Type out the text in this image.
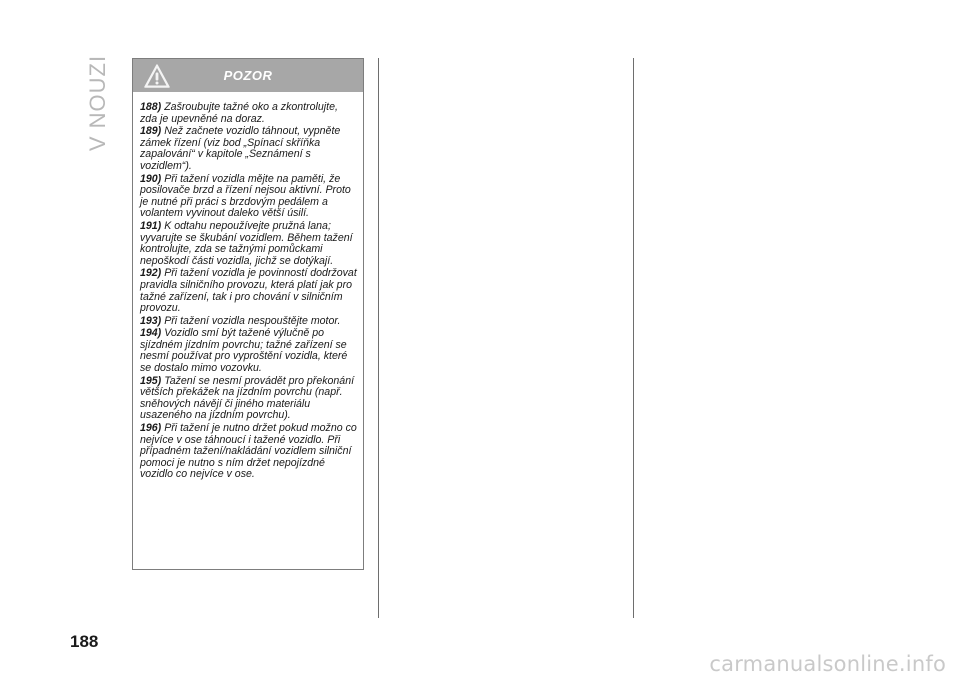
V NOUZI	POZOR

188) Zašroubujte tažné oko a zkontrolujte, zda je upevněné na doraz.

189) Než začnete vozidlo táhnout, vypněte zámek řízení (viz bod „Spínací skříňka zapalování“ v kapitole „Seznámení s vozidlem“).

190) Při tažení vozidla mějte na paměti, že posilovače brzd a řízení nejsou aktivní. Proto je nutné při práci s brzdovým pedálem a volantem vyvinout daleko větší úsilí.

191) K odtahu nepoužívejte pružná lana; vyvarujte se škubání vozidlem. Během tažení kontrolujte, zda se tažnými pomůckami nepoškodí části vozidla, jichž se dotýkají.

192) Při tažení vozidla je povinností dodržovat pravidla silničního provozu, která platí jak pro tažné zařízení, tak i pro chování v silničním provozu.

193) Při tažení vozidla nespouštějte motor.

194) Vozidlo smí být tažené výlučně po sjízdném jízdním povrchu; tažné zařízení se nesmí používat pro vyproštění vozidla, které se dostalo mimo vozovku.

195) Tažení se nesmí provádět pro překonání větších překážek na jízdním povrchu (např. sněhových návějí či jiného materiálu usazeného na jízdním povrchu).

196) Při tažení je nutno držet pokud možno co nejvíce v ose táhnoucí i tažené vozidlo. Při případném tažení/nakládání vozidlem silniční pomoci je nutno s ním držet nepojízdné vozidlo co nejvíce v ose.

188
carmanualsonline.info
